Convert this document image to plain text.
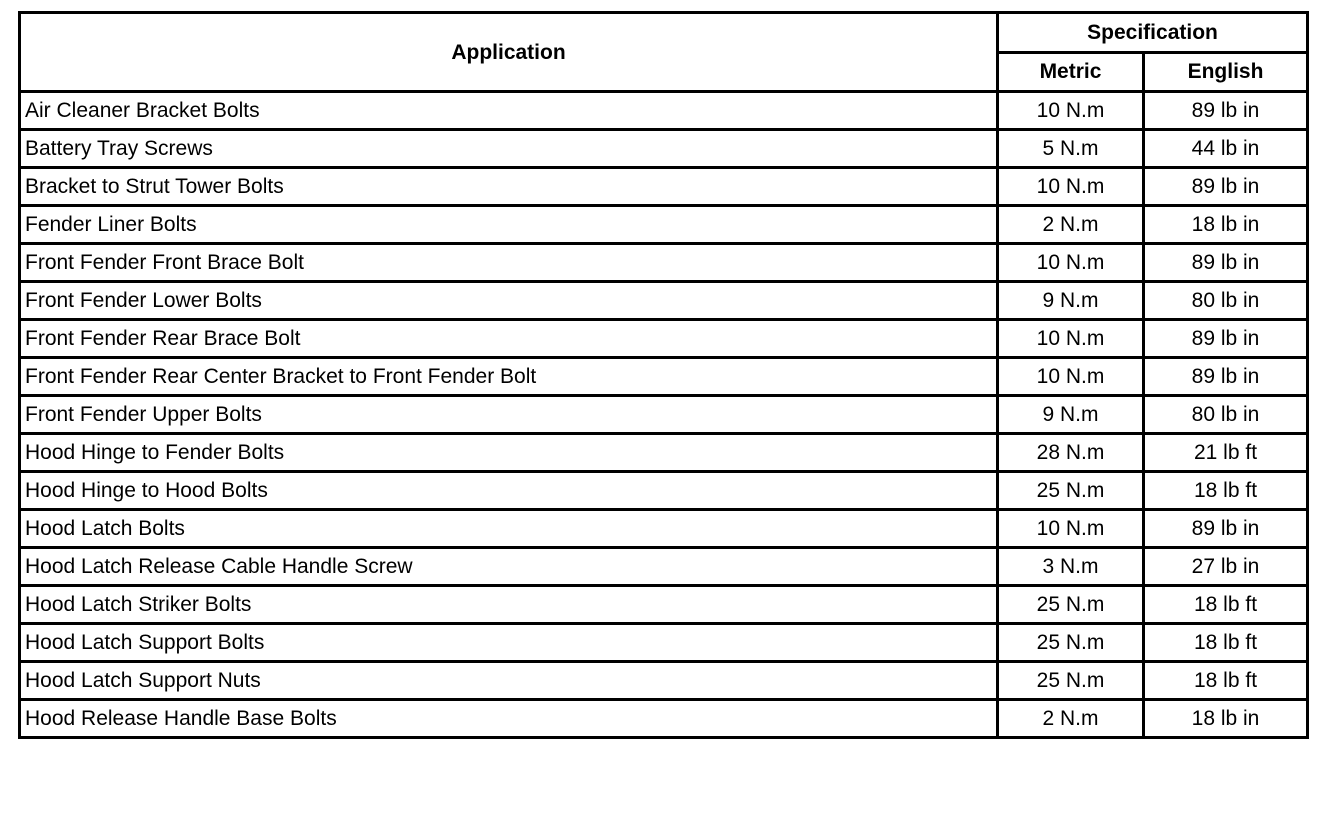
Application	Specification	
	Metric	English
Air Cleaner Bracket Bolts	10 N.m	89 lb in
Battery Tray Screws	5 N.m	44 lb in
Bracket to Strut Tower Bolts	10 N.m	89 lb in
Fender Liner Bolts	2 N.m	18 lb in
Front Fender Front Brace Bolt	10 N.m	89 lb in
Front Fender Lower Bolts	9 N.m	80 lb in
Front Fender Rear Brace Bolt	10 N.m	89 lb in
Front Fender Rear Center Bracket to Front Fender Bolt	10 N.m	89 lb in
Front Fender Upper Bolts	9 N.m	80 lb in
Hood Hinge to Fender Bolts	28 N.m	21 lb ft
Hood Hinge to Hood Bolts	25 N.m	18 lb ft
Hood Latch Bolts	10 N.m	89 lb in
Hood Latch Release Cable Handle Screw	3 N.m	27 lb in
Hood Latch Striker Bolts	25 N.m	18 lb ft
Hood Latch Support Bolts	25 N.m	18 lb ft
Hood Latch Support Nuts	25 N.m	18 lb ft
Hood Release Handle Base Bolts	2 N.m	18 lb in
